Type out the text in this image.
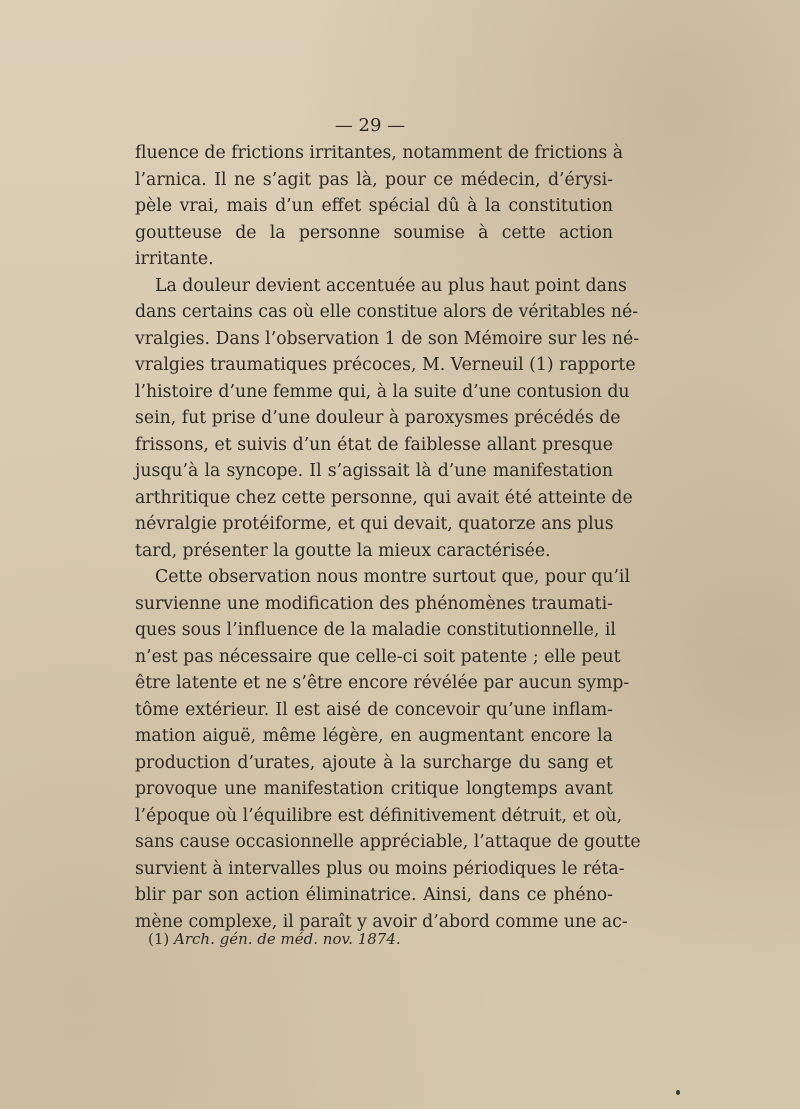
— 29 —
fluence de frictions irritantes, notamment de frictions à
l’arnica. Il ne s’agit pas là, pour ce médecin, d’érysi-
pèle vrai, mais d’un effet spécial dû à la constitution
goutteuse de la personne soumise à cette action
irritante.
La douleur devient accentuée au plus haut point dans
dans certains cas où elle constitue alors de véritables né-
vralgies. Dans l’observation 1 de son Mémoire sur les né-
vralgies traumatiques précoces, M. Verneuil (1) rapporte
l’histoire d’une femme qui, à la suite d’une contusion du
sein, fut prise d’une douleur à paroxysmes précédés de
frissons, et suivis d’un état de faiblesse allant presque
jusqu’à la syncope. Il s’agissait là d’une manifestation
arthritique chez cette personne, qui avait été atteinte de
névralgie protéiforme, et qui devait, quatorze ans plus
tard, présenter la goutte la mieux caractérisée.
Cette observation nous montre surtout que, pour qu’il
survienne une modification des phénomènes traumati-
ques sous l’influence de la maladie constitutionnelle, il
n’est pas nécessaire que celle-ci soit patente ; elle peut
être latente et ne s’être encore révélée par aucun symp-
tôme extérieur. Il est aisé de concevoir qu’une inflam-
mation aiguë, même légère, en augmentant encore la
production d’urates, ajoute à la surcharge du sang et
provoque une manifestation critique longtemps avant
l’époque où l’équilibre est définitivement détruit, et où,
sans cause occasionnelle appréciable, l’attaque de goutte
survient à intervalles plus ou moins périodiques le réta-
blir par son action éliminatrice. Ainsi, dans ce phéno-
mène complexe, il paraît y avoir d’abord comme une ac-
(1) Arch. gén. de méd. nov. 1874.
